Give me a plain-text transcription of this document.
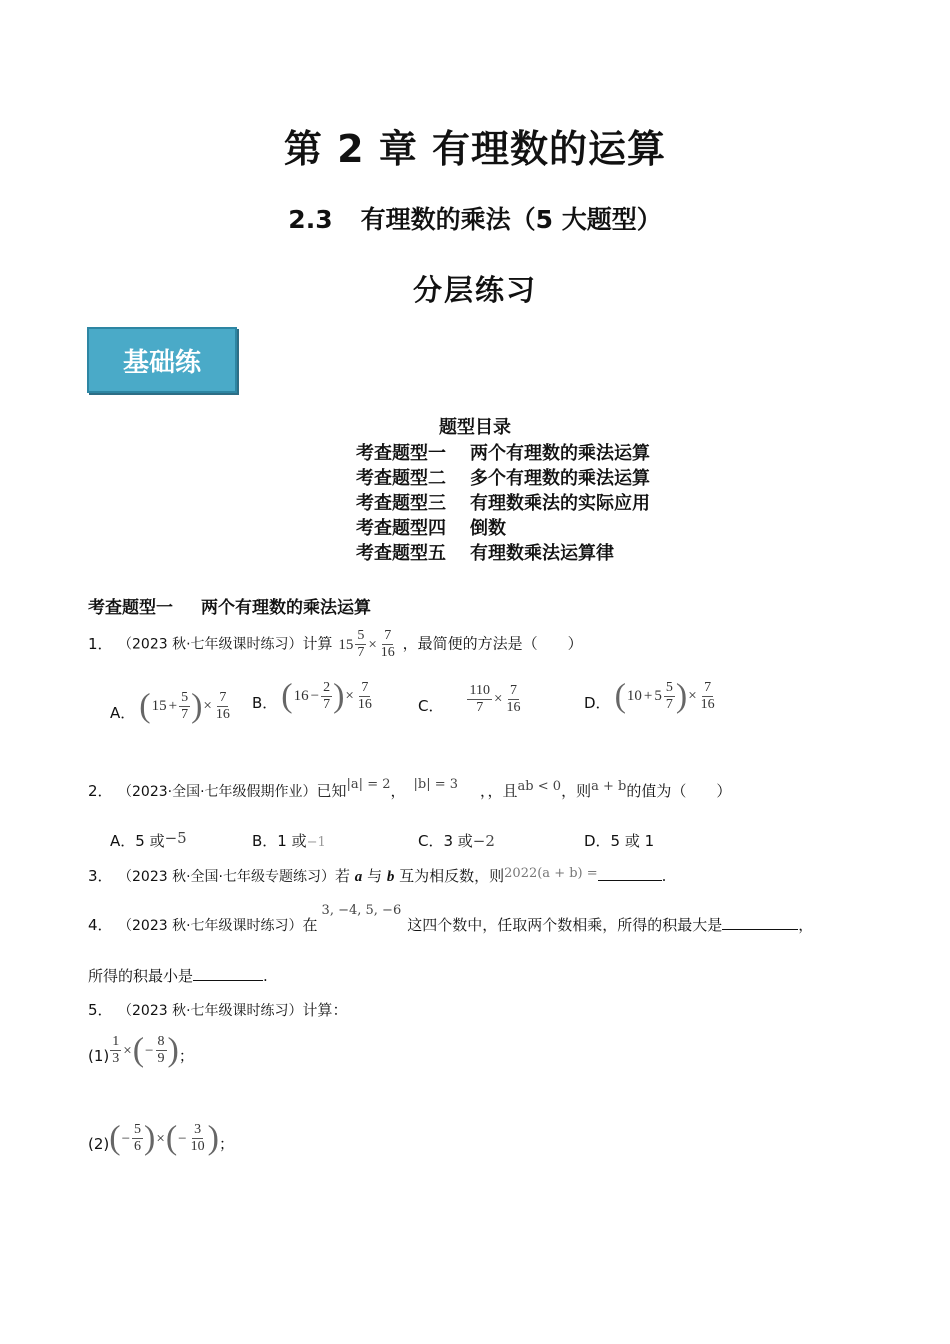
第 2 章 有理数的运算
2.3 有理数的乘法（5 大题型）
分层练习
基础练
题型目录
考查题型一 两个有理数的乘法运算
考查题型二 多个有理数的乘法运算
考查题型三 有理数乘法的实际应用
考查题型四 倒数
考查题型五 有理数乘法运算律
考查题型一 两个有理数的乘法运算
1． （2023 秋·七年级课时练习）计算 $15 \frac{5}{7} \times \frac{7}{16}$ ，最简便的方法是（　　）
A． ($15 + \frac{5}{7}$ )× $\frac{7}{16}$ B． ($16 - \frac{2}{7}$ )× $\frac{7}{16}$	C． $\frac{110}{7} \times \frac{7}{16}$	D． ($10 + 5 \frac{5}{7}$ )× $\frac{7}{16}$
2． （2023·全国·七年级假期作业）已知|a| = 2， |b| = 3 ，，且ab < 0，则a + b的值为（　　）
A．5 或−5	B．1 或−1	C．3 或−2	D．5 或 1
3． （2023 秋·全国·七年级专题练习）若 a 与 b 互为相反数，则2022(a + b) =	.
4． （2023 秋·七年级课时练习）在3, −4, 5, −6这四个数中，任取两个数相乘，所得的积最大是	，
所得的积最小是	.
5． （2023 秋·七年级课时练习）计算：
$(1) \frac{1}{3}$ ×(− $\frac{8}{9}$ )；
$(2)(- \frac{5}{6}$ )×(− $\frac{3}{10}$ )；
